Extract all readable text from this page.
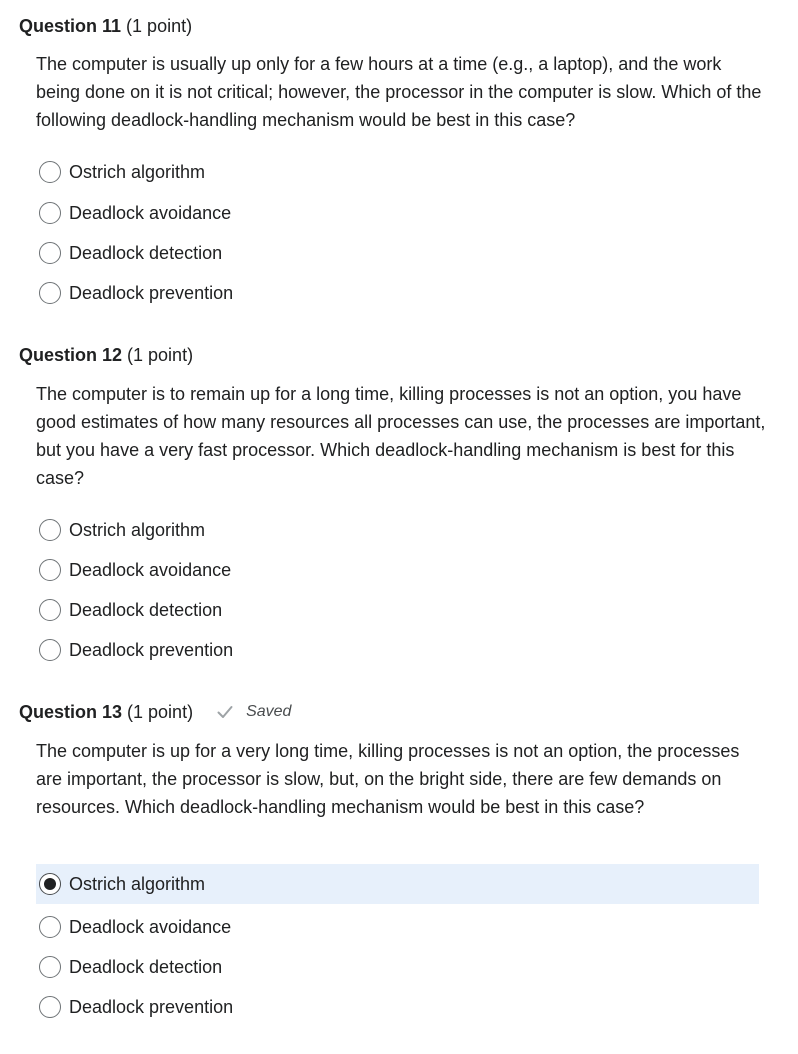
Question 11 (1 point)

The computer is usually up only for a few hours at a time (e.g., a laptop), and the work being done on it is not critical; however, the processor in the computer is slow. Which of the following deadlock-handling mechanism would be best in this case?

Ostrich algorithm
Deadlock avoidance
Deadlock detection
Deadlock prevention
Question 12 (1 point)

The computer is to remain up for a long time, killing processes is not an option, you have good estimates of how many resources all processes can use, the processes are important, but you have a very fast processor. Which deadlock-handling mechanism is best for this case?

Ostrich algorithm
Deadlock avoidance
Deadlock detection
Deadlock prevention
Question 13 (1 point)	Saved

The computer is up for a very long time, killing processes is not an option, the processes are important, the processor is slow, but, on the bright side, there are few demands on resources. Which deadlock-handling mechanism would be best in this case?

Ostrich algorithm
Deadlock avoidance
Deadlock detection
Deadlock prevention
